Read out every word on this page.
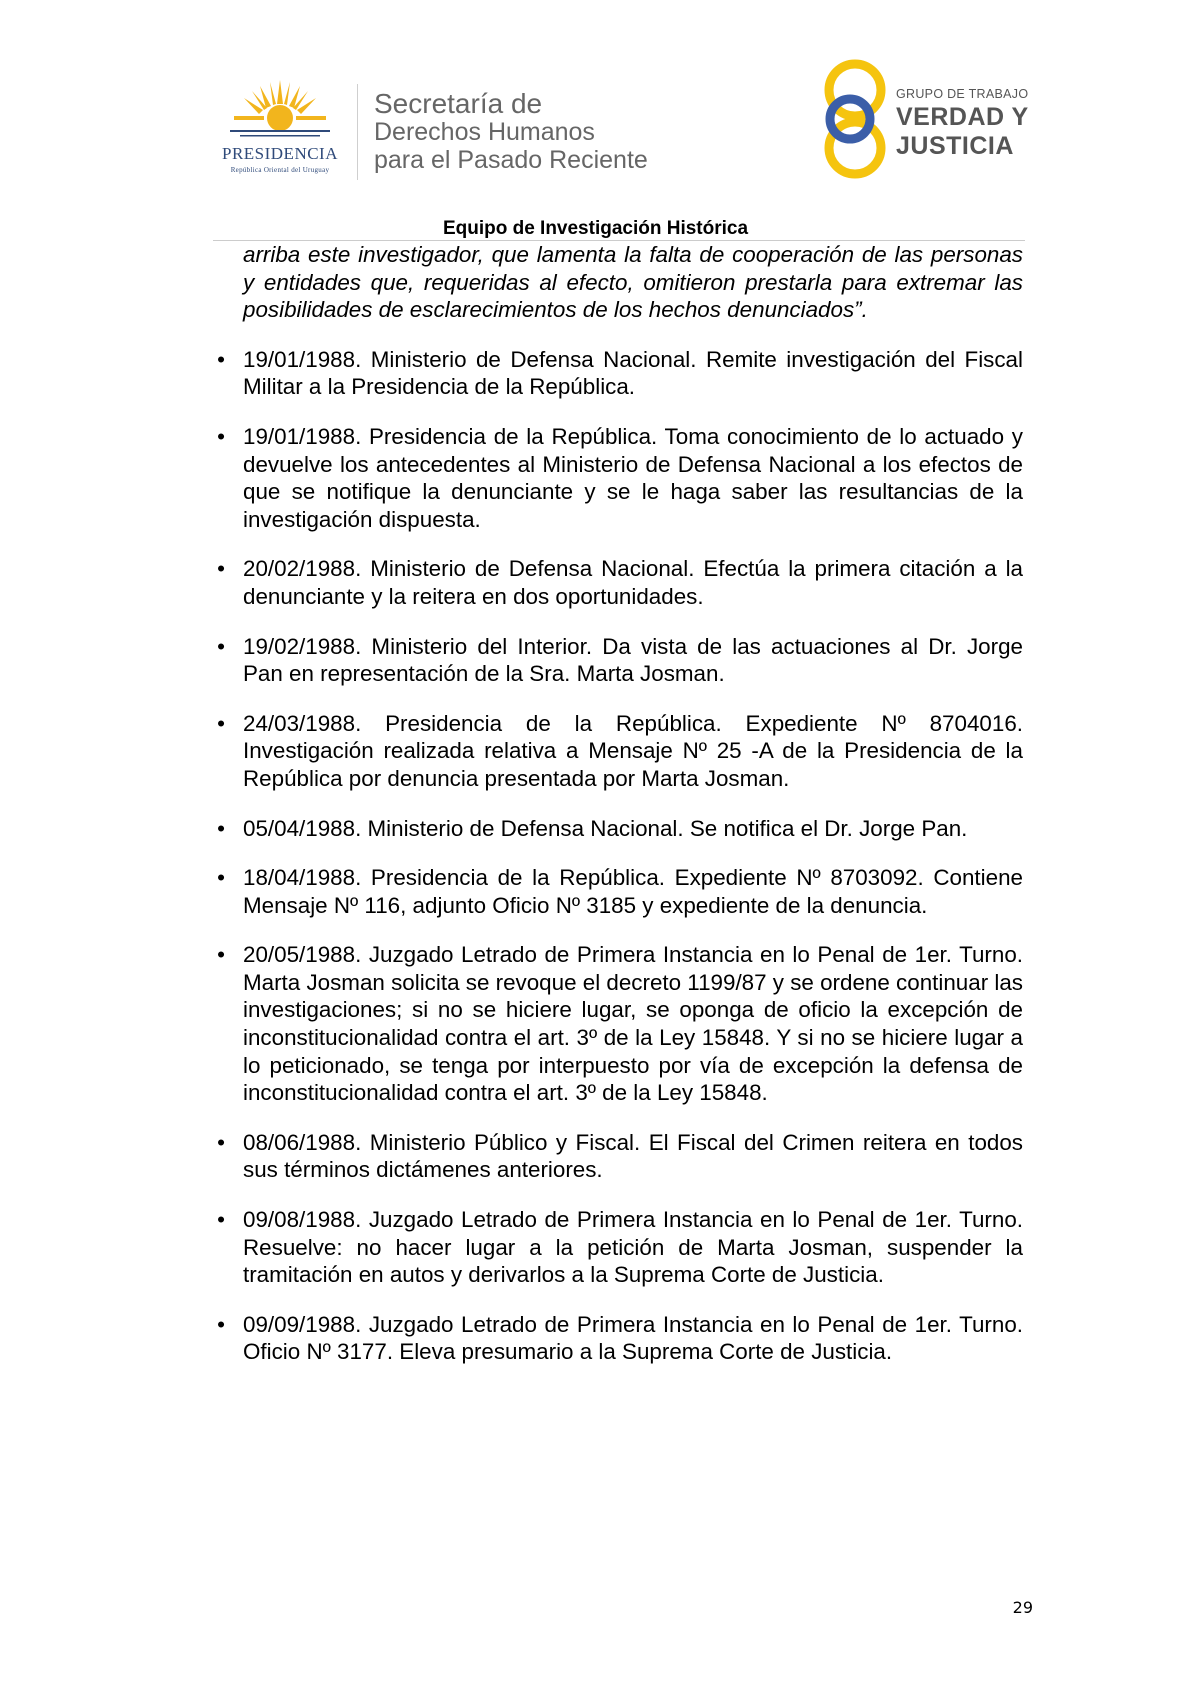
PRESIDENCIA
República Oriental del Uruguay
Secretaría de
Derechos Humanos
para el Pasado Reciente
GRUPO DE TRABAJO
VERDAD Y
JUSTICIA
Equipo de Investigación Histórica

arriba este investigador, que lamenta la falta de cooperación de las personas y entidades que, requeridas al efecto, omitieron prestarla para extremar las posibilidades de esclarecimientos de los hechos denunciados”.

• 19/01/1988. Ministerio de Defensa Nacional. Remite investigación del Fiscal Militar a la Presidencia de la República.
• 19/01/1988. Presidencia de la República. Toma conocimiento de lo actuado y devuelve los antecedentes al Ministerio de Defensa Nacional a los efectos de que se notifique la denunciante y se le haga saber las resultancias de la investigación dispuesta.
• 20/02/1988. Ministerio de Defensa Nacional. Efectúa la primera citación a la denunciante y la reitera en dos oportunidades.
• 19/02/1988. Ministerio del Interior. Da vista de las actuaciones al Dr. Jorge Pan en representación de la Sra. Marta Josman.
• 24/03/1988. Presidencia de la República. Expediente Nº 8704016. Investigación realizada relativa a Mensaje Nº 25 -A de la Presidencia de la República por denuncia presentada por Marta Josman.
• 05/04/1988. Ministerio de Defensa Nacional. Se notifica el Dr. Jorge Pan.
• 18/04/1988. Presidencia de la República. Expediente Nº 8703092. Contiene Mensaje Nº 116, adjunto Oficio Nº 3185 y expediente de la denuncia.
• 20/05/1988. Juzgado Letrado de Primera Instancia en lo Penal de 1er. Turno. Marta Josman solicita se revoque el decreto 1199/87 y se ordene continuar las investigaciones; si no se hiciere lugar, se oponga de oficio la excepción de inconstitucionalidad contra el art. 3º de la Ley 15848. Y si no se hiciere lugar a lo peticionado, se tenga por interpuesto por vía de excepción la defensa de inconstitucionalidad contra el art. 3º de la Ley 15848.
• 08/06/1988. Ministerio Público y Fiscal. El Fiscal del Crimen reitera en todos sus términos dictámenes anteriores.
• 09/08/1988. Juzgado Letrado de Primera Instancia en lo Penal de 1er. Turno. Resuelve: no hacer lugar a la petición de Marta Josman, suspender la tramitación en autos y derivarlos a la Suprema Corte de Justicia.
• 09/09/1988. Juzgado Letrado de Primera Instancia en lo Penal de 1er. Turno. Oficio Nº 3177. Eleva presumario a la Suprema Corte de Justicia.
29
